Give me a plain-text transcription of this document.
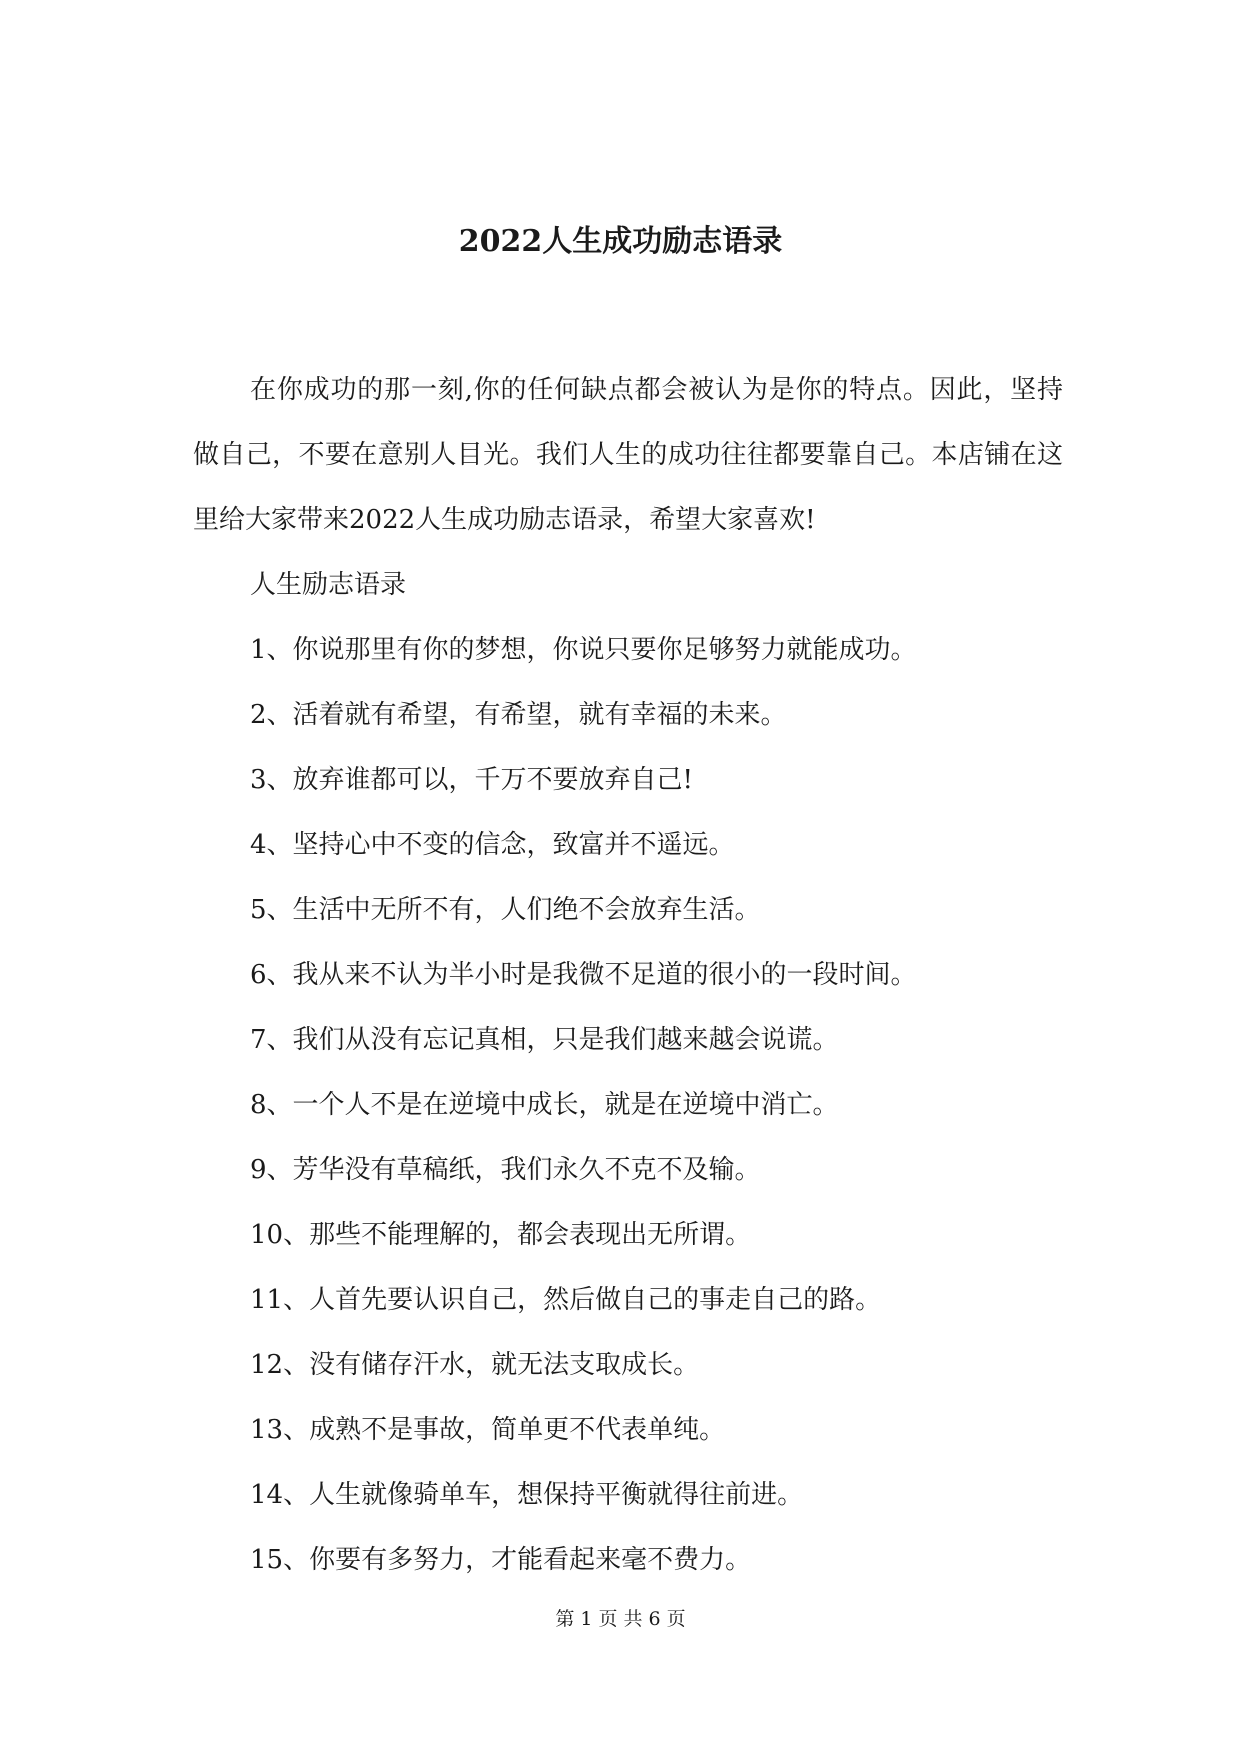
2022人生成功励志语录

在你成功的那一刻,你的任何缺点都会被认为是你的特点。因此，坚持做自己，不要在意别人目光。我们人生的成功往往都要靠自己。本店铺在这里给大家带来2022人生成功励志语录，希望大家喜欢!

人生励志语录

1、你说那里有你的梦想，你说只要你足够努力就能成功。

2、活着就有希望，有希望，就有幸福的未来。

3、放弃谁都可以，千万不要放弃自己!

4、坚持心中不变的信念，致富并不遥远。

5、生活中无所不有，人们绝不会放弃生活。

6、我从来不认为半小时是我微不足道的很小的一段时间。

7、我们从没有忘记真相，只是我们越来越会说谎。

8、一个人不是在逆境中成长，就是在逆境中消亡。

9、芳华没有草稿纸，我们永久不克不及输。

10、那些不能理解的，都会表现出无所谓。

11、人首先要认识自己，然后做自己的事走自己的路。

12、没有储存汗水，就无法支取成长。

13、成熟不是事故，简单更不代表单纯。

14、人生就像骑单车，想保持平衡就得往前进。

15、你要有多努力，才能看起来毫不费力。

第 1 页 共 6 页
